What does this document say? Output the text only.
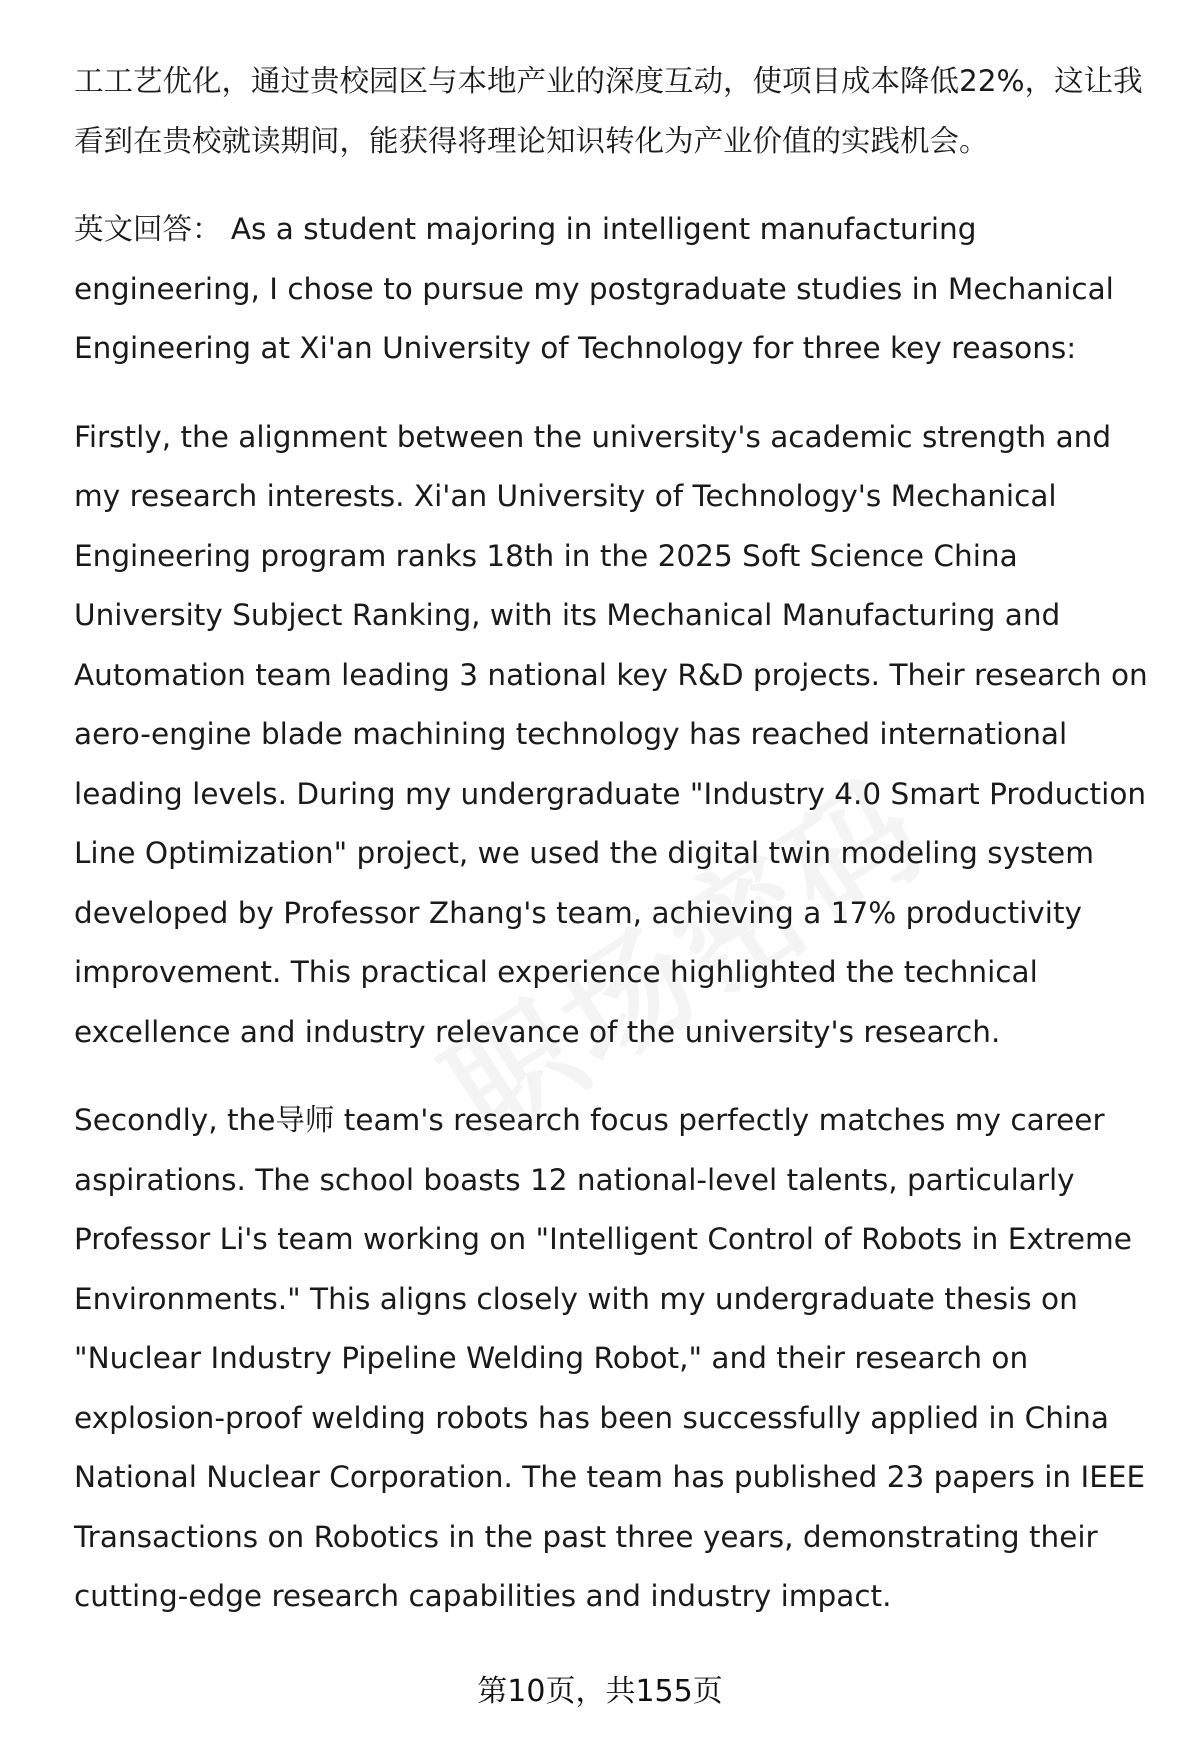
工工艺优化，通过贵校园区与本地产业的深度互动，使项目成本降低22%，这让我看到在贵校就读期间，能获得将理论知识转化为产业价值的实践机会。

英文回答： As a student majoring in intelligent manufacturing engineering, I chose to pursue my postgraduate studies in Mechanical Engineering at Xi'an University of Technology for three key reasons:

Firstly, the alignment between the university's academic strength and my research interests. Xi'an University of Technology's Mechanical Engineering program ranks 18th in the 2025 Soft Science China University Subject Ranking, with its Mechanical Manufacturing and Automation team leading 3 national key R&D projects. Their research on aero-engine blade machining technology has reached international leading levels. During my undergraduate "Industry 4.0 Smart Production Line Optimization" project, we used the digital twin modeling system developed by Professor Zhang's team, achieving a 17% productivity improvement. This practical experience highlighted the technical excellence and industry relevance of the university's research.

Secondly, the导师 team's research focus perfectly matches my career aspirations. The school boasts 12 national-level talents, particularly Professor Li's team working on "Intelligent Control of Robots in Extreme Environments." This aligns closely with my undergraduate thesis on "Nuclear Industry Pipeline Welding Robot," and their research on explosion-proof welding robots has been successfully applied in China National Nuclear Corporation. The team has published 23 papers in IEEE Transactions on Robotics in the past three years, demonstrating their cutting-edge research capabilities and industry impact.

第10页，共155页
